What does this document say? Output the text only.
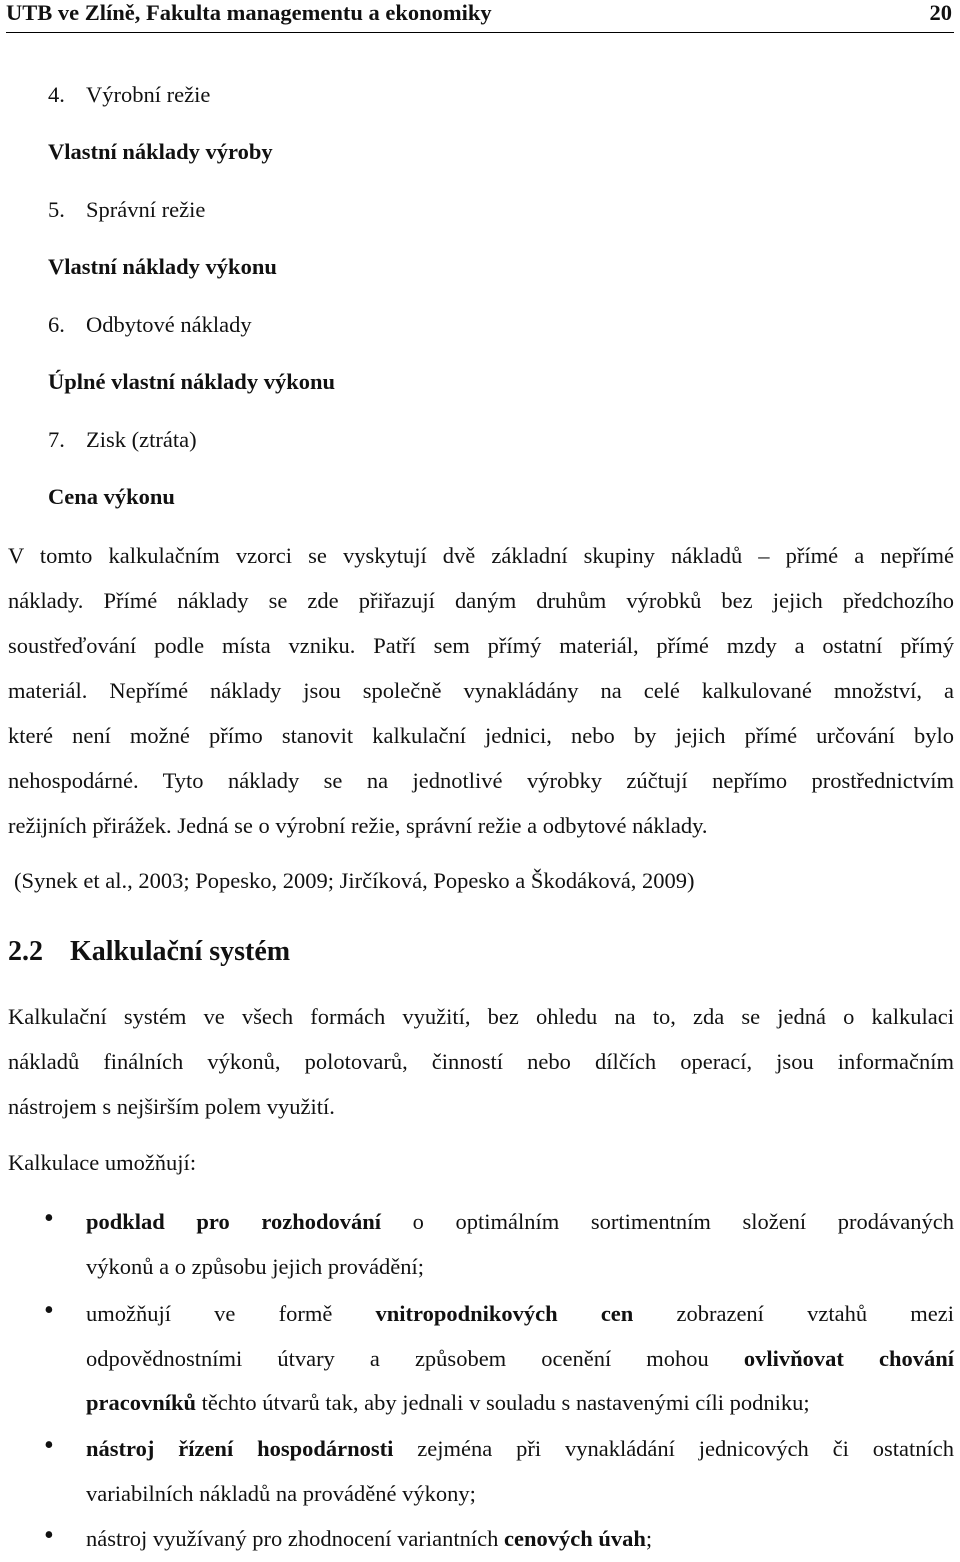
UTB ve Zlíně, Fakulta managementu a ekonomiky	20
4. Výrobní režie
Vlastní náklady výroby
5. Správní režie
Vlastní náklady výkonu
6. Odbytové náklady
Úplné vlastní náklady výkonu
7. Zisk (ztráta)
Cena výkonu
V tomto kalkulačním vzorci se vyskytují dvě základní skupiny nákladů – přímé a nepřímé
náklady. Přímé náklady se zde přiřazují daným druhům výrobků bez jejich předchozího
soustřeďování podle místa vzniku. Patří sem přímý materiál, přímé mzdy a ostatní přímý
materiál. Nepřímé náklady jsou společně vynakládány na celé kalkulované množství, a
které není možné přímo stanovit kalkulační jednici, nebo by jejich přímé určování bylo
nehospodárné. Tyto náklady se na jednotlivé výrobky zúčtují nepřímo prostřednictvím
režijních přirážek. Jedná se o výrobní režie, správní režie a odbytové náklady.
(Synek et al., 2003; Popesko, 2009; Jirčíková, Popesko a Škodáková, 2009)
2.2 Kalkulační systém
Kalkulační systém ve všech formách využití, bez ohledu na to, zda se jedná o kalkulaci
nákladů finálních výkonů, polotovarů, činností nebo dílčích operací, jsou informačním
nástrojem s nejširším polem využití.
Kalkulace umožňují:
• podklad pro rozhodování o optimálním sortimentním složení prodávaných
výkonů a o způsobu jejich provádění;
• umožňují ve formě vnitropodnikových cen zobrazení vztahů mezi
odpovědnostními útvary a způsobem ocenění mohou ovlivňovat chování
pracovníků těchto útvarů tak, aby jednali v souladu s nastavenými cíli podniku;
• nástroj řízení hospodárnosti zejména při vynakládání jednicových či ostatních
variabilních nákladů na prováděné výkony;
• nástroj využívaný pro zhodnocení variantních cenových úvah;
